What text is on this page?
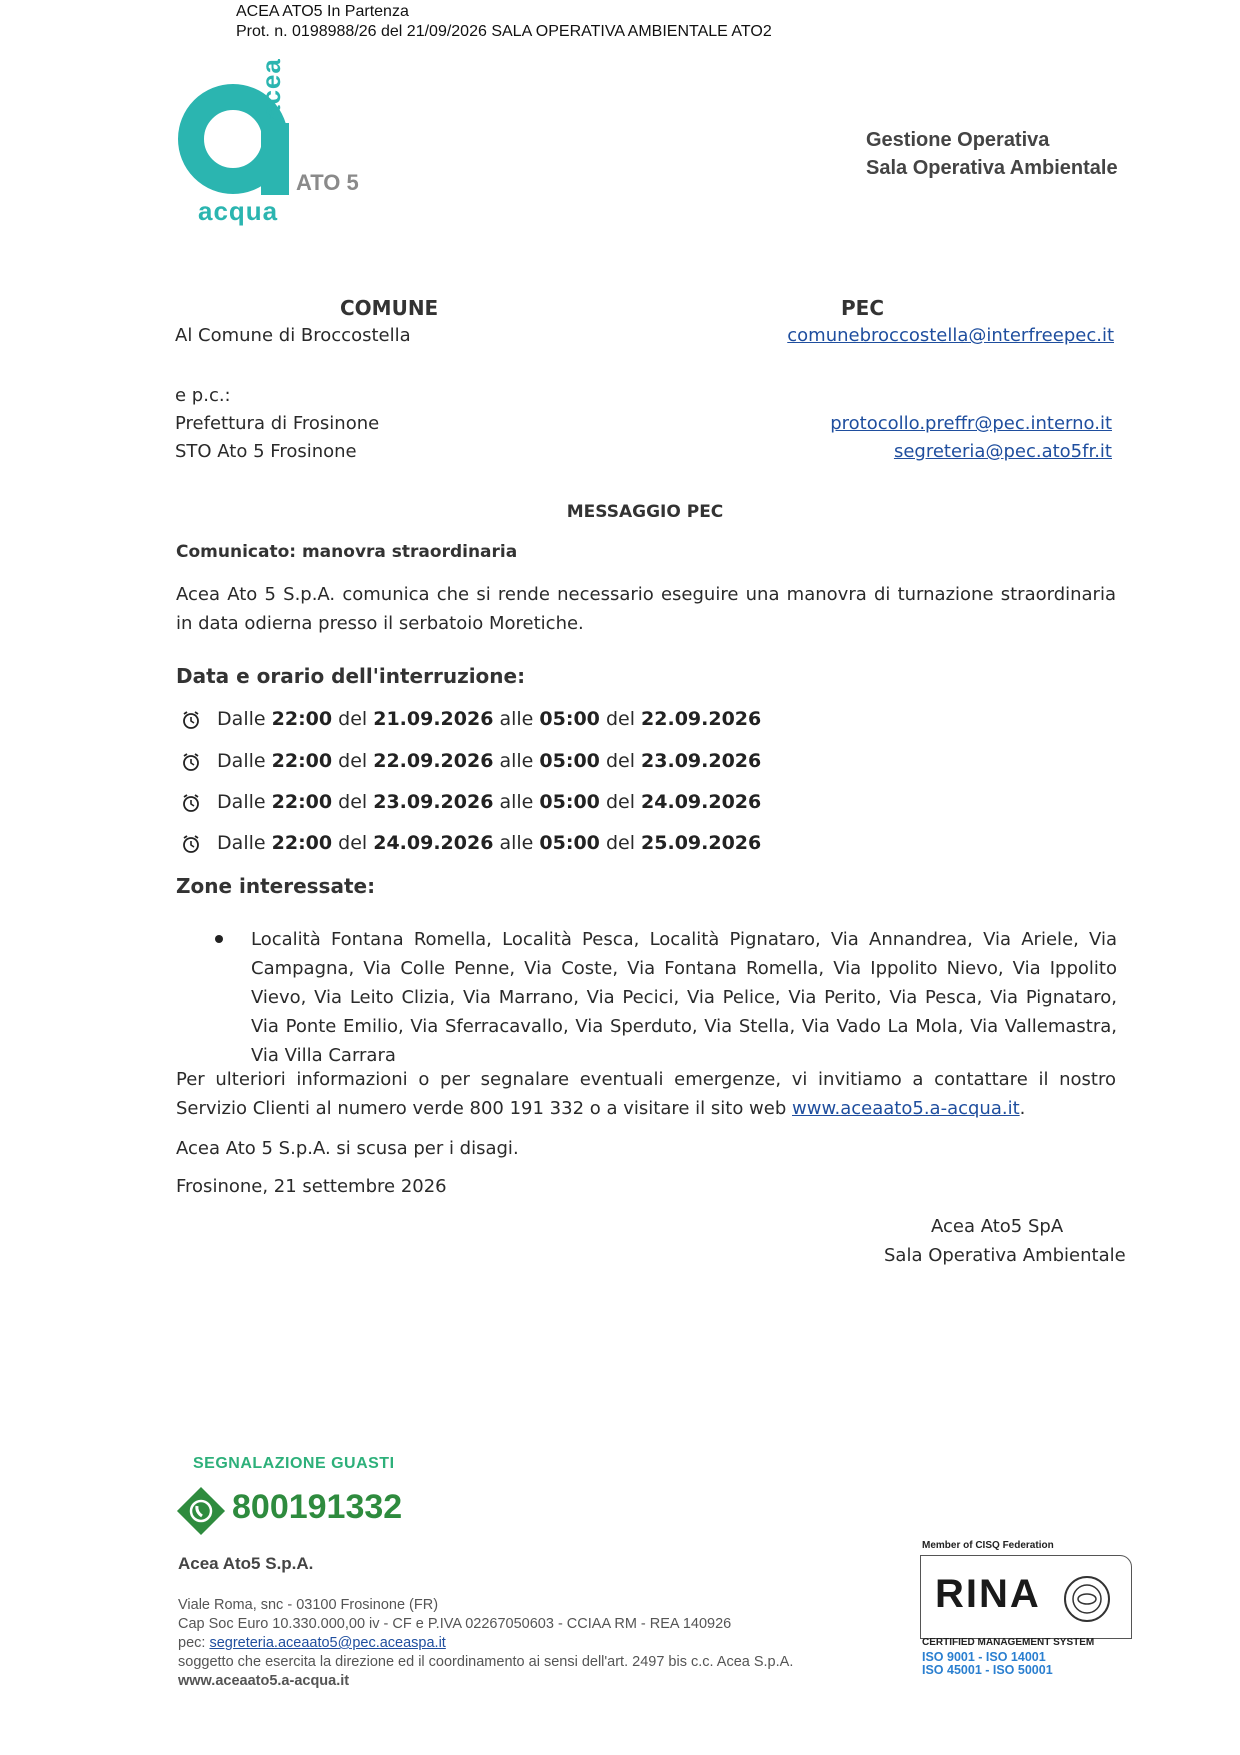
ACEA ATO5 In Partenza
Prot. n. 0198988/26 del 21/09/2026 SALA OPERATIVA AMBIENTALE ATO2
acea
ATO 5
acqua
Gestione Operativa
Sala Operativa Ambientale
COMUNE	PEC
Al Comune di Broccostella	comunebroccostella@interfreepec.it
e p.c.:
Prefettura di Frosinone	protocollo.preffr@pec.interno.it
STO Ato 5 Frosinone	segreteria@pec.ato5fr.it
MESSAGGIO PEC
Comunicato: manovra straordinaria
Acea Ato 5 S.p.A. comunica che si rende necessario eseguire una manovra di turnazione straordinaria in data odierna presso il serbatoio Moretiche.
Data e orario dell'interruzione:
Dalle 22:00 del 21.09.2026 alle 05:00 del 22.09.2026
Dalle 22:00 del 22.09.2026 alle 05:00 del 23.09.2026
Dalle 22:00 del 23.09.2026 alle 05:00 del 24.09.2026
Dalle 22:00 del 24.09.2026 alle 05:00 del 25.09.2026
Zone interessate:
Località Fontana Romella, Località Pesca, Località Pignataro, Via Annandrea, Via Ariele, Via Campagna, Via Colle Penne, Via Coste, Via Fontana Romella, Via Ippolito Nievo, Via Ippolito Vievo, Via Leito Clizia, Via Marrano, Via Pecici, Via Pelice, Via Perito, Via Pesca, Via Pignataro, Via Ponte Emilio, Via Sferracavallo, Via Sperduto, Via Stella, Via Vado La Mola, Via Vallemastra, Via Villa Carrara
Per ulteriori informazioni o per segnalare eventuali emergenze, vi invitiamo a contattare il nostro Servizio Clienti al numero verde 800 191 332 o a visitare il sito web www.aceaato5.a-acqua.it.
Acea Ato 5 S.p.A. si scusa per i disagi.
Frosinone, 21 settembre 2026
Acea Ato5 SpA
Sala Operativa Ambientale
SEGNALAZIONE GUASTI
800191332
Acea Ato5 S.p.A.
Viale Roma, snc - 03100 Frosinone (FR)
Cap Soc Euro 10.330.000,00 iv - CF e P.IVA 02267050603 - CCIAA RM - REA 140926
pec: segreteria.aceaato5@pec.aceaspa.it
soggetto che esercita la direzione ed il coordinamento ai sensi dell'art. 2497 bis c.c. Acea S.p.A.
www.aceaato5.a-acqua.it
Member of CISQ Federation
RINA
CERTIFIED MANAGEMENT SYSTEM
ISO 9001 - ISO 14001
ISO 45001 - ISO 50001
